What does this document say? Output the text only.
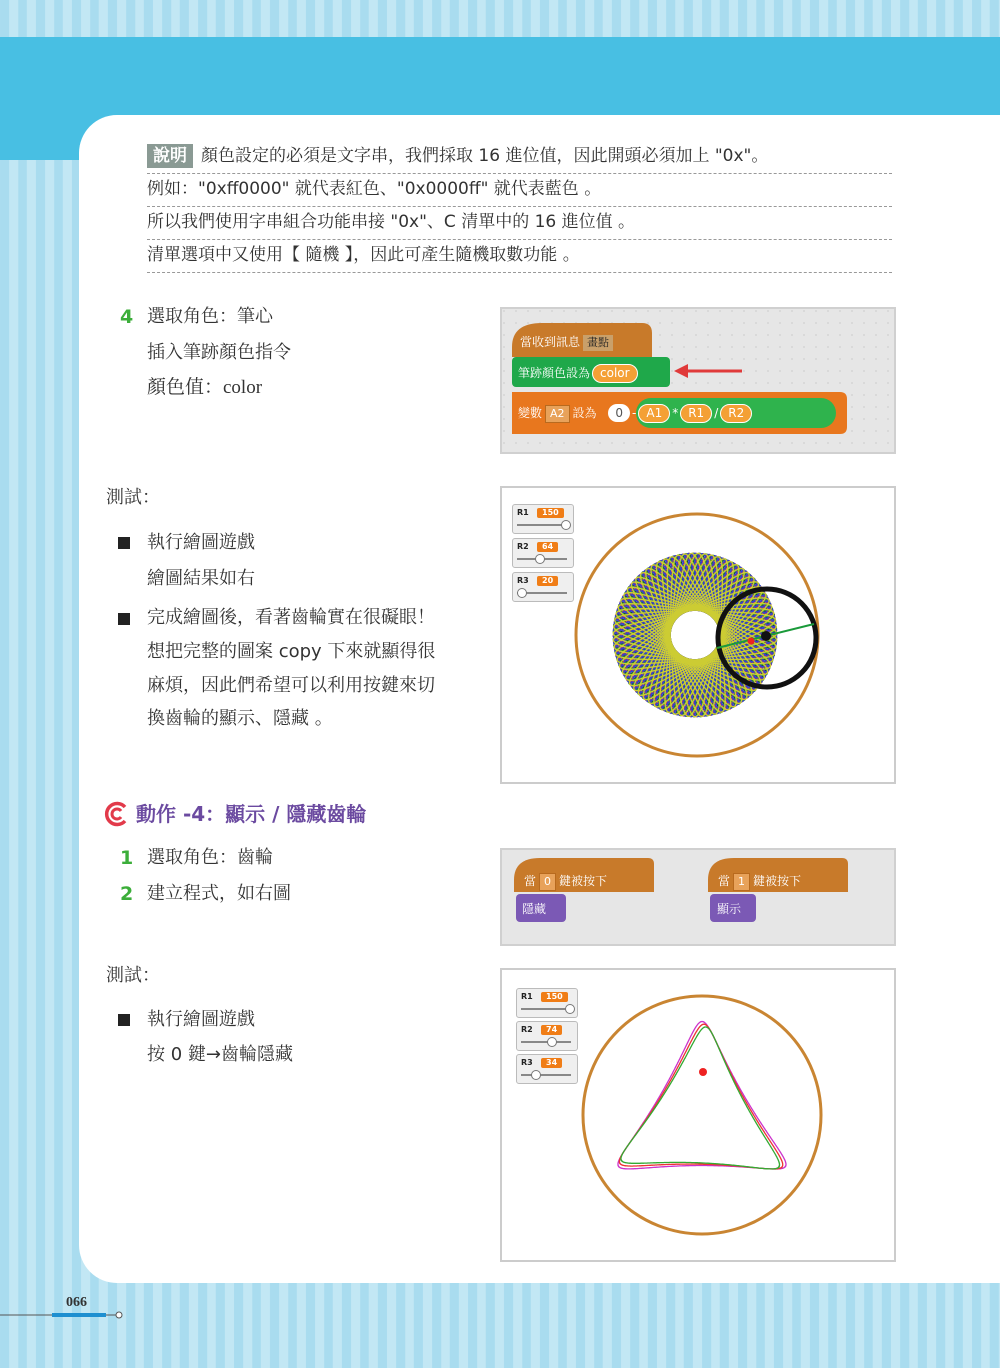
說明 顏色設定的必須是文字串，我們採取 16 進位值，因此開頭必須加上 "0x"。
例如："0xff0000" 就代表紅色、"0x0000ff" 就代表藍色 。
所以我們使用字串組合功能串接 "0x"、C 清單中的 16 進位值 。
清單選項中又使用【 隨機 】，因此可產生隨機取數功能 。
4 選取角色：筆心
插入筆跡顏色指令
顏色值：color
當收到訊息 畫點
筆跡顏色設為 color
變數 A2 設為 0 - A1 * R1 / R2
測試：
執行繪圖遊戲
繪圖結果如右
完成繪圖後，看著齒輪實在很礙眼！
想把完整的圖案 copy 下來就顯得很
麻煩，因此們希望可以利用按鍵來切
換齒輪的顯示、隱藏 。
R1	150
R2	64
R3	20
動作 -4：顯示 / 隱藏齒輪
1 選取角色：齒輪
2 建立程式，如右圖
當 0 鍵被按下
隱藏
當 1 鍵被按下
顯示
測試：
執行繪圖遊戲
按 0 鍵→齒輪隱藏
R1	150
R2	74
R3	34
066
